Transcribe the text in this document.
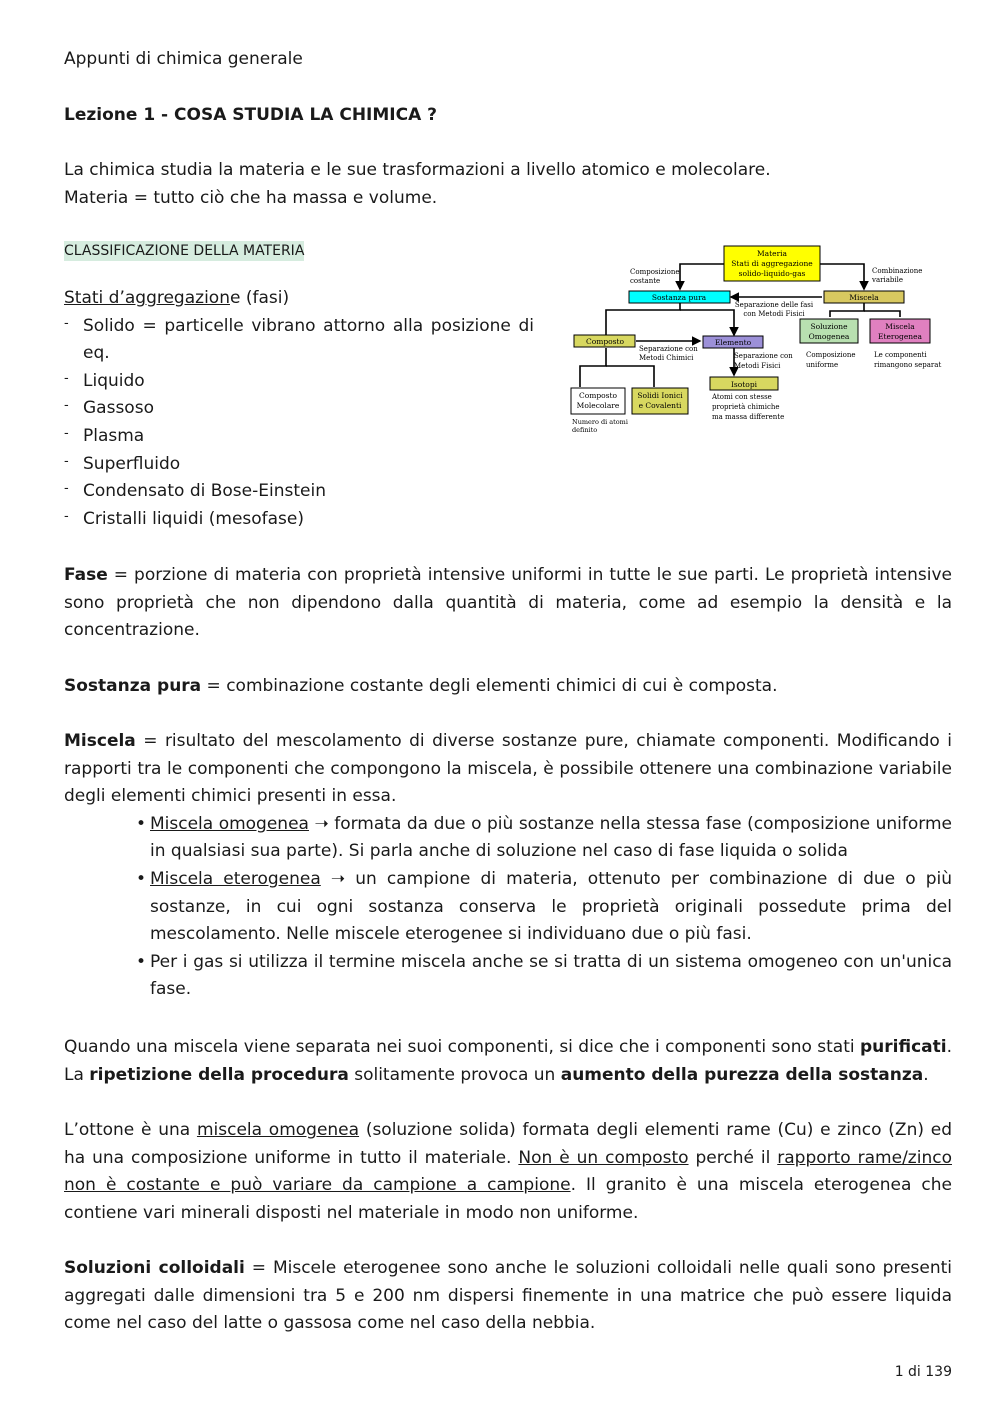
Appunti di chimica generale
Lezione 1 - COSA STUDIA LA CHIMICA ?

La chimica studia la materia e le sue trasformazioni a livello atomico e molecolare.

Materia = tutto ciò che ha massa e volume.

CLASSIFICAZIONE DELLA MATERIA

Stati d’aggregazione (fasi)

- Solido = particelle vibrano attorno alla posizione di eq.
- Liquido
- Gassoso
- Plasma
- Superfluido
- Condensato di Bose-Einstein
- Cristalli liquidi (mesofase)
Materia
Stati di aggregazione
solido-liquido-gas
Composizione
costante
Combinazione
variabile
Sostanza pura	Miscela
Separazione delle fasi
con Metodi Fisici
Soluzione
Omogenea
Miscela
Eterogenea
Composto
Separazione con
Metodi Chimici
Elemento
Separazione con
Metodi Fisici
Composizione
uniforme
Le componenti
rimangono separat
Isotopi
Atomi con stesse
proprietà chimiche
ma massa differente
Composto
Molecolare
Solidi Ionici
e Covalenti
Numero di atomi
definito
Fase = porzione di materia con proprietà intensive uniformi in tutte le sue parti. Le proprietà intensive sono proprietà che non dipendono dalla quantità di materia, come ad esempio la densità e la concentrazione.
Sostanza pura = combinazione costante degli elementi chimici di cui è composta.

Miscela = risultato del mescolamento di diverse sostanze pure, chiamate componenti. Modificando i rapporti tra le componenti che compongono la miscela, è possibile ottenere una combinazione variabile degli elementi chimici presenti in essa.

• Miscela omogenea ➝ formata da due o più sostanze nella stessa fase (composizione uniforme in qualsiasi sua parte). Si parla anche di soluzione nel caso di fase liquida o solida
• Miscela eterogenea ➝ un campione di materia, ottenuto per combinazione di due o più sostanze, in cui ogni sostanza conserva le proprietà originali possedute prima del mescolamento. Nelle miscele eterogenee si individuano due o più fasi.
• Per i gas si utilizza il termine miscela anche se si tratta di un sistema omogeneo con un'unica fase.
Quando una miscela viene separata nei suoi componenti, si dice che i componenti sono stati purificati. La ripetizione della procedura solitamente provoca un aumento della purezza della sostanza.
L’ottone è una miscela omogenea (soluzione solida) formata degli elementi rame (Cu) e zinco (Zn) ed ha una composizione uniforme in tutto il materiale. Non è un composto perché il rapporto rame/zinco non è costante e può variare da campione a campione. Il granito è una miscela eterogenea che contiene vari minerali disposti nel materiale in modo non uniforme.
Soluzioni colloidali = Miscele eterogenee sono anche le soluzioni colloidali nelle quali sono presenti aggregati dalle dimensioni tra 5 e 200 nm dispersi finemente in una matrice che può essere liquida come nel caso del latte o gassosa come nel caso della nebbia.
1 di 139
